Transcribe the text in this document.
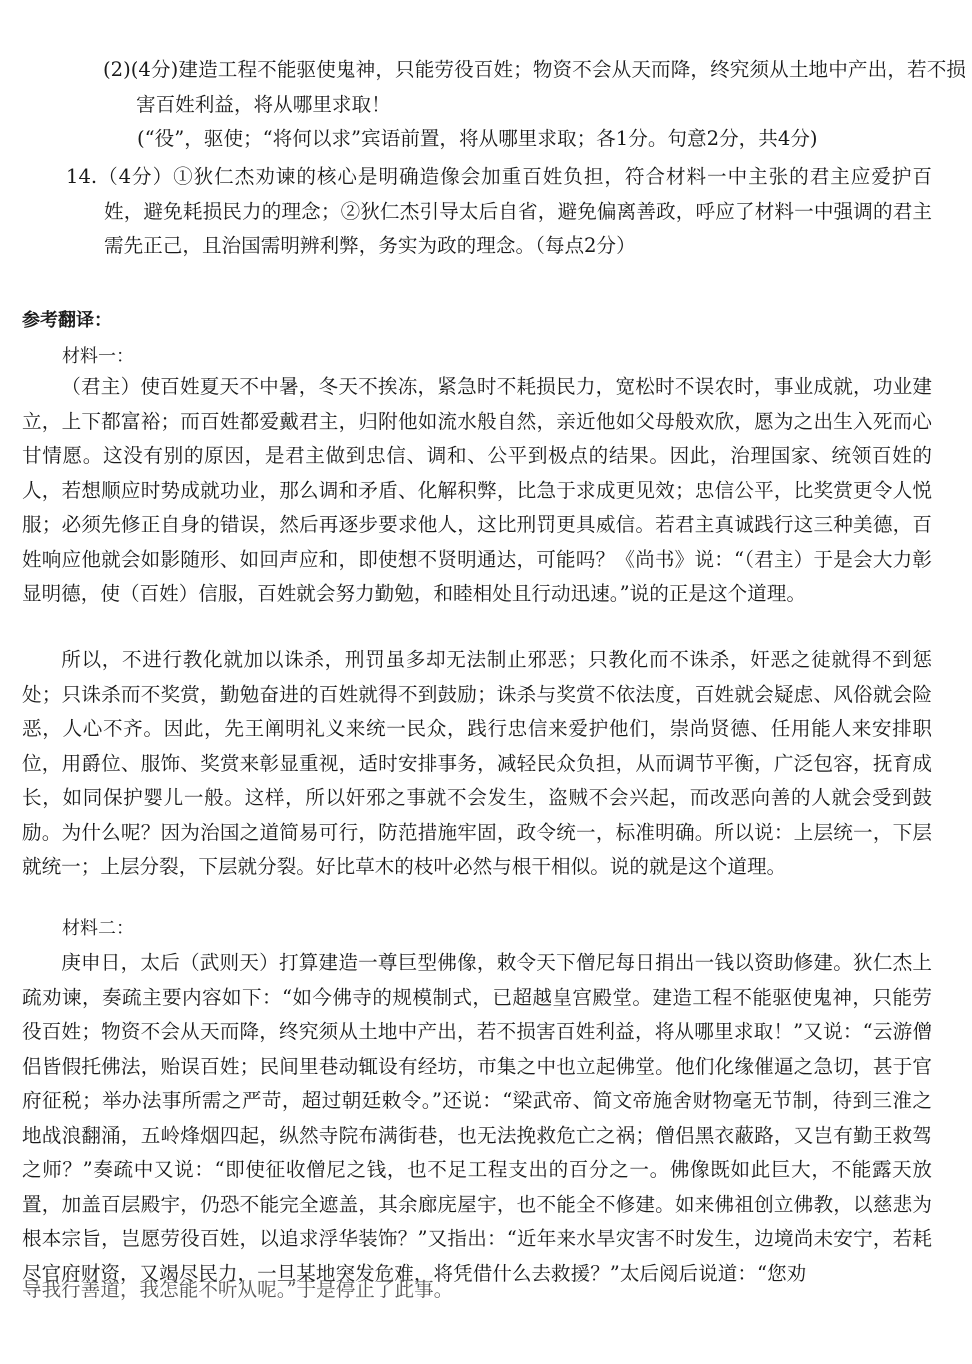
(2)(4分)建造工程不能驱使鬼神，只能劳役百姓；物资不会从天而降，终究须从土地中产出，若不损害百姓利益，将从哪里求取！

(“役”，驱使；“将何以求”宾语前置，将从哪里求取；各1分。句意2分，共4分)

14.（4分）①狄仁杰劝谏的核心是明确造像会加重百姓负担，符合材料一中主张的君主应爱护百姓，避免耗损民力的理念；②狄仁杰引导太后自省，避免偏离善政，呼应了材料一中强调的君主需先正己，且治国需明辨利弊，务实为政的理念。（每点2分）

参考翻译：

材料一：

（君主）使百姓夏天不中暑，冬天不挨冻，紧急时不耗损民力，宽松时不误农时，事业成就，功业建立，上下都富裕；而百姓都爱戴君主，归附他如流水般自然，亲近他如父母般欢欣，愿为之出生入死而心甘情愿。这没有别的原因，是君主做到忠信、调和、公平到极点的结果。因此，治理国家、统领百姓的人，若想顺应时势成就功业，那么调和矛盾、化解积弊，比急于求成更见效；忠信公平，比奖赏更令人悦服；必须先修正自身的错误，然后再逐步要求他人，这比刑罚更具威信。若君主真诚践行这三种美德，百姓响应他就会如影随形、如回声应和，即使想不贤明通达，可能吗？《尚书》说：“（君主）于是会大力彰显明德，使（百姓）信服，百姓就会努力勤勉，和睦相处且行动迅速。”说的正是这个道理。

所以，不进行教化就加以诛杀，刑罚虽多却无法制止邪恶；只教化而不诛杀，奸恶之徒就得不到惩处；只诛杀而不奖赏，勤勉奋进的百姓就得不到鼓励；诛杀与奖赏不依法度，百姓就会疑虑、风俗就会险恶，人心不齐。因此，先王阐明礼义来统一民众，践行忠信来爱护他们，崇尚贤德、任用能人来安排职位，用爵位、服饰、奖赏来彰显重视，适时安排事务，减轻民众负担，从而调节平衡，广泛包容，抚育成长，如同保护婴儿一般。这样，所以奸邪之事就不会发生，盗贼不会兴起，而改恶向善的人就会受到鼓励。为什么呢？因为治国之道简易可行，防范措施牢固，政令统一，标准明确。所以说：上层统一，下层就统一；上层分裂，下层就分裂。好比草木的枝叶必然与根干相似。说的就是这个道理。

材料二：

庚申日，太后（武则天）打算建造一尊巨型佛像，敕令天下僧尼每日捐出一钱以资助修建。狄仁杰上疏劝谏，奏疏主要内容如下：“如今佛寺的规模制式，已超越皇宫殿堂。建造工程不能驱使鬼神，只能劳役百姓；物资不会从天而降，终究须从土地中产出，若不损害百姓利益，将从哪里求取！”又说：“云游僧侣皆假托佛法，贻误百姓；民间里巷动辄设有经坊，市集之中也立起佛堂。他们化缘催逼之急切，甚于官府征税；举办法事所需之严苛，超过朝廷敕令。”还说：“梁武帝、简文帝施舍财物毫无节制，待到三淮之地战浪翻涌，五岭烽烟四起，纵然寺院布满街巷，也无法挽救危亡之祸；僧侣黑衣蔽路，又岂有勤王救驾之师？”奏疏中又说：“即使征收僧尼之钱，也不足工程支出的百分之一。佛像既如此巨大，不能露天放置，加盖百层殿宇，仍恐不能完全遮盖，其余廊庑屋宇，也不能全不修建。如来佛祖创立佛教，以慈悲为根本宗旨，岂愿劳役百姓，以追求浮华装饰？”又指出：“近年来水旱灾害不时发生，边境尚未安宁，若耗尽官府财资，又竭尽民力，一旦某地突发危难，将凭借什么去救援？”太后阅后说道：“您劝

导我行善道，我怎能不听从呢。”于是停止了此事。
